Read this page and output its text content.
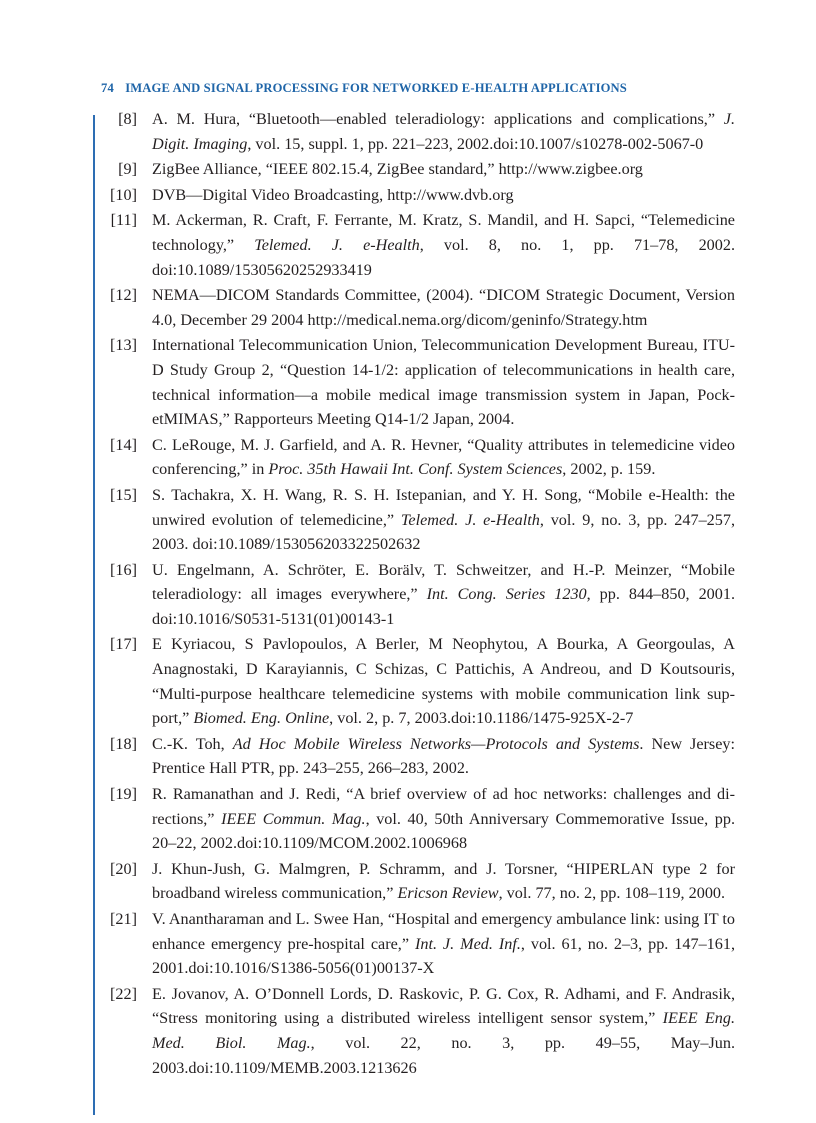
74 IMAGE AND SIGNAL PROCESSING FOR NETWORKED E-HEALTH APPLICATIONS
[8] A. M. Hura, “Bluetooth—enabled teleradiology: applications and complications,” J. Digit. Imaging, vol. 15, suppl. 1, pp. 221–223, 2002.doi:10.1007/s10278-002-5067-0
[9] ZigBee Alliance, “IEEE 802.15.4, ZigBee standard,” http://www.zigbee.org
[10] DVB—Digital Video Broadcasting, http://www.dvb.org
[11] M. Ackerman, R. Craft, F. Ferrante, M. Kratz, S. Mandil, and H. Sapci, “Telemedicine technology,” Telemed. J. e-Health, vol. 8, no. 1, pp. 71–78, 2002. doi:10.1089/15305620252933419
[12] NEMA—DICOM Standards Committee, (2004). “DICOM Strategic Document, Version 4.0, December 29 2004 http://medical.nema.org/dicom/geninfo/Strategy.htm
[13] International Telecommunication Union, Telecommunication Development Bureau, ITU-D Study Group 2, “Question 14-1/2: application of telecommunications in health care, technical information—a mobile medical image transmission system in Japan, PocketMIMAS,” Rapporteurs Meeting Q14-1/2 Japan, 2004.
[14] C. LeRouge, M. J. Garfield, and A. R. Hevner, “Quality attributes in telemedicine video conferencing,” in Proc. 35th Hawaii Int. Conf. System Sciences, 2002, p. 159.
[15] S. Tachakra, X. H. Wang, R. S. H. Istepanian, and Y. H. Song, “Mobile e-Health: the unwired evolution of telemedicine,” Telemed. J. e-Health, vol. 9, no. 3, pp. 247–257, 2003. doi:10.1089/153056203322502632
[16] U. Engelmann, A. Schröter, E. Borälv, T. Schweitzer, and H.-P. Meinzer, “Mobile teleradiology: all images everywhere,” Int. Cong. Series 1230, pp. 844–850, 2001. doi:10.1016/S0531-5131(01)00143-1
[17] E Kyriacou, S Pavlopoulos, A Berler, M Neophytou, A Bourka, A Georgoulas, A Anagnostaki, D Karayiannis, C Schizas, C Pattichis, A Andreou, and D Koutsouris, “Multi-purpose healthcare telemedicine systems with mobile communication link support,” Biomed. Eng. Online, vol. 2, p. 7, 2003.doi:10.1186/1475-925X-2-7
[18] C.-K. Toh, Ad Hoc Mobile Wireless Networks—Protocols and Systems. New Jersey: Prentice Hall PTR, pp. 243–255, 266–283, 2002.
[19] R. Ramanathan and J. Redi, “A brief overview of ad hoc networks: challenges and directions,” IEEE Commun. Mag., vol. 40, 50th Anniversary Commemorative Issue, pp. 20–22, 2002.doi:10.1109/MCOM.2002.1006968
[20] J. Khun-Jush, G. Malmgren, P. Schramm, and J. Torsner, “HIPERLAN type 2 for broadband wireless communication,” Ericson Review, vol. 77, no. 2, pp. 108–119, 2000.
[21] V. Anantharaman and L. Swee Han, “Hospital and emergency ambulance link: using IT to enhance emergency pre-hospital care,” Int. J. Med. Inf., vol. 61, no. 2–3, pp. 147–161, 2001.doi:10.1016/S1386-5056(01)00137-X
[22] E. Jovanov, A. O’Donnell Lords, D. Raskovic, P. G. Cox, R. Adhami, and F. Andrasik, “Stress monitoring using a distributed wireless intelligent sensor system,” IEEE Eng. Med. Biol. Mag., vol. 22, no. 3, pp. 49–55, May–Jun. 2003.doi:10.1109/MEMB.2003.1213626
